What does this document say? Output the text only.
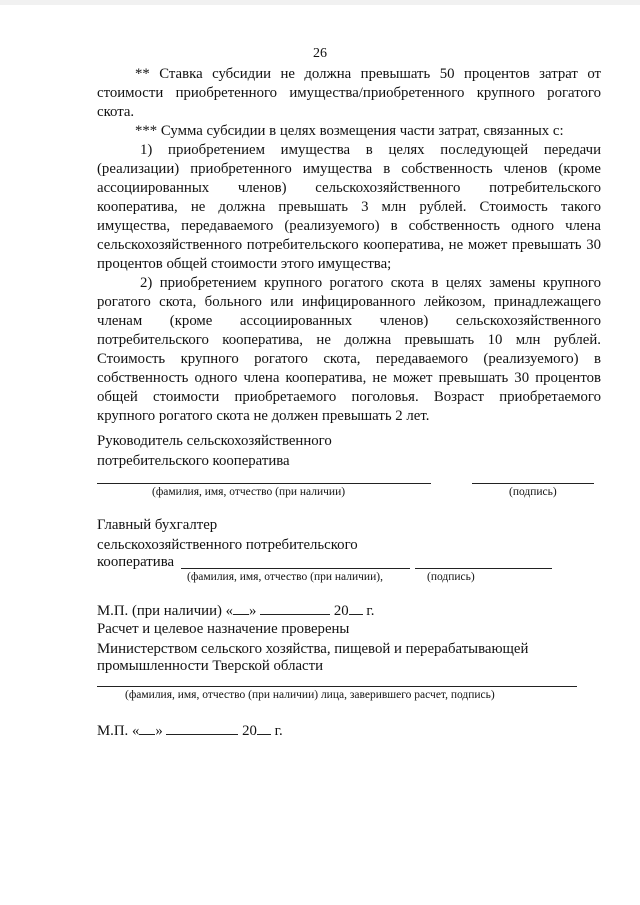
26

** Ставка субсидии не должна превышать 50 процентов затрат от стоимости приобретенного имущества/приобретенного крупного рогатого скота.

*** Сумма субсидии в целях возмещения части затрат, связанных с:

1) приобретением имущества в целях последующей передачи (реализации) приобретенного имущества в собственность членов (кроме ассоциированных членов) сельскохозяйственного потребительского кооператива, не должна превышать 3 млн рублей. Стоимость такого имущества, передаваемого (реализуемого) в собственность одного члена сельскохозяйственного потребительского кооператива, не может превышать 30 процентов общей стоимости этого имущества;

2) приобретением крупного рогатого скота в целях замены крупного рогатого скота, больного или инфицированного лейкозом, принадлежащего членам (кроме ассоциированных членов) сельскохозяйственного потребительского кооператива, не должна превышать 10 млн рублей. Стоимость крупного рогатого скота, передаваемого (реализуемого) в собственность одного члена кооператива, не может превышать 30 процентов общей стоимости приобретаемого поголовья. Возраст приобретаемого крупного рогатого скота не должен превышать 2 лет.

Руководитель сельскохозяйственного
потребительского кооператива
(фамилия, имя, отчество (при наличии)	(подпись)
Главный бухгалтер
сельскохозяйственного потребительского
кооператива
(фамилия, имя, отчество (при наличии),	(подпись)
М.П. (при наличии) « »	20 г.
Расчет и целевое назначение проверены
Министерством сельского хозяйства, пищевой и перерабатывающей
промышленности Тверской области
(фамилия, имя, отчество (при наличии) лица, заверившего расчет, подпись)
М.П. « »	20 г.
